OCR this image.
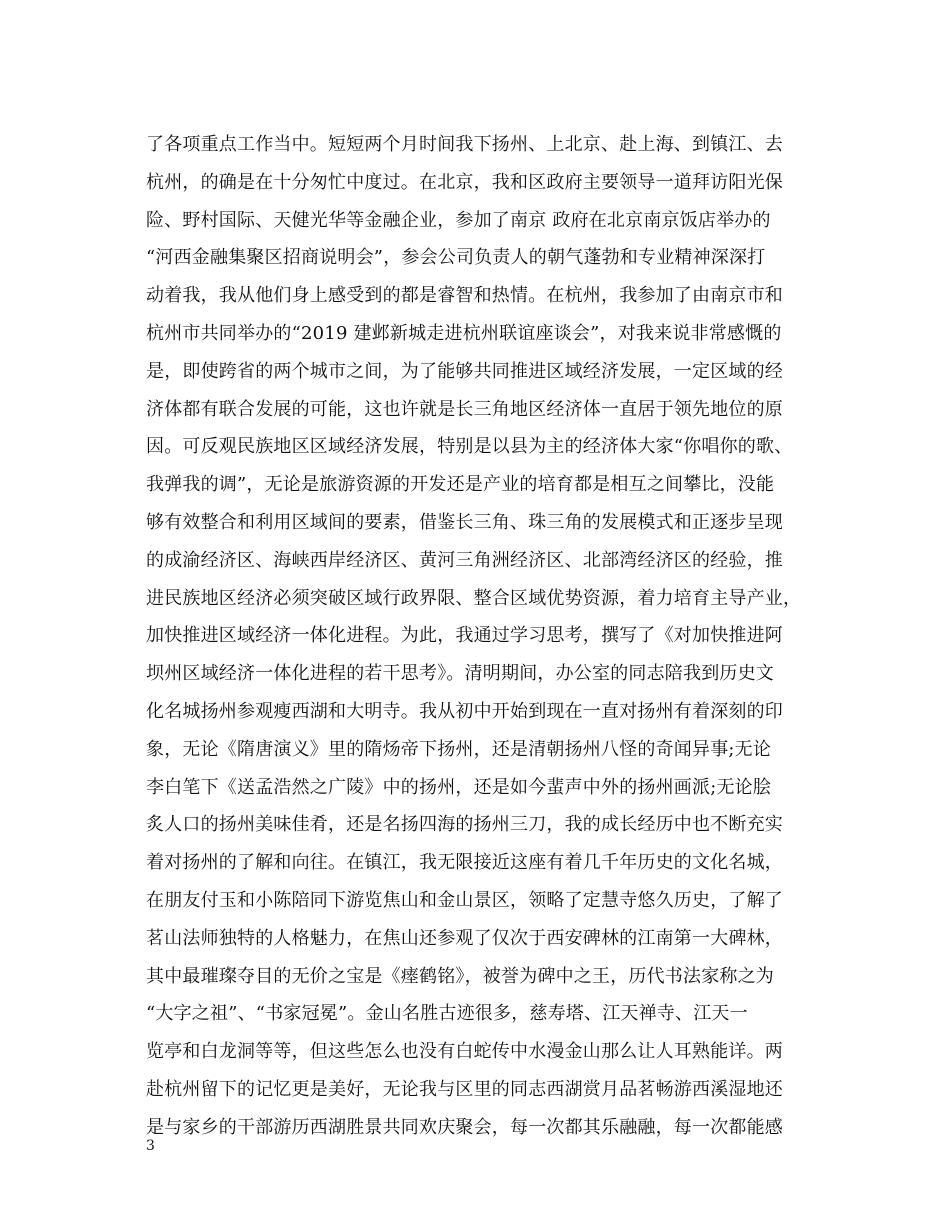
了各项重点工作当中。短短两个月时间我下扬州、上北京、赴上海、到镇江、去
杭州，的确是在十分匆忙中度过。在北京，我和区政府主要领导一道拜访阳光保
险、野村国际、天健光华等金融企业，参加了南京 政府在北京南京饭店举办的
“河西金融集聚区招商说明会”，参会公司负责人的朝气蓬勃和专业精神深深打
动着我，我从他们身上感受到的都是睿智和热情。在杭州，我参加了由南京市和
杭州市共同举办的“2019 建邺新城走进杭州联谊座谈会”，对我来说非常感慨的
是，即使跨省的两个城市之间，为了能够共同推进区域经济发展，一定区域的经
济体都有联合发展的可能，这也许就是长三角地区经济体一直居于领先地位的原
因。可反观民族地区区域经济发展，特别是以县为主的经济体大家“你唱你的歌、
我弹我的调”，无论是旅游资源的开发还是产业的培育都是相互之间攀比，没能
够有效整合和利用区域间的要素，借鉴长三角、珠三角的发展模式和正逐步呈现
的成渝经济区、海峡西岸经济区、黄河三角洲经济区、北部湾经济区的经验，推
进民族地区经济必须突破区域行政界限、整合区域优势资源，着力培育主导产业，
加快推进区域经济一体化进程。为此，我通过学习思考，撰写了《对加快推进阿
坝州区域经济一体化进程的若干思考》。清明期间，办公室的同志陪我到历史文
化名城扬州参观瘦西湖和大明寺。我从初中开始到现在一直对扬州有着深刻的印
象，无论《隋唐演义》里的隋炀帝下扬州，还是清朝扬州八怪的奇闻异事;无论
李白笔下《送孟浩然之广陵》中的扬州，还是如今蜚声中外的扬州画派;无论脍
炙人口的扬州美味佳肴，还是名扬四海的扬州三刀，我的成长经历中也不断充实
着对扬州的了解和向往。在镇江，我无限接近这座有着几千年历史的文化名城，
在朋友付玉和小陈陪同下游览焦山和金山景区，领略了定慧寺悠久历史，了解了
茗山法师独特的人格魅力，在焦山还参观了仅次于西安碑林的江南第一大碑林，
其中最璀璨夺目的无价之宝是《瘗鹤铭》，被誉为碑中之王，历代书法家称之为
“大字之祖”、“书家冠冕”。金山名胜古迹很多，慈寿塔、江天禅寺、江天一
览亭和白龙洞等等，但这些怎么也没有白蛇传中水漫金山那么让人耳熟能详。两
赴杭州留下的记忆更是美好，无论我与区里的同志西湖赏月品茗畅游西溪湿地还
是与家乡的干部游历西湖胜景共同欢庆聚会，每一次都其乐融融，每一次都能感
3
